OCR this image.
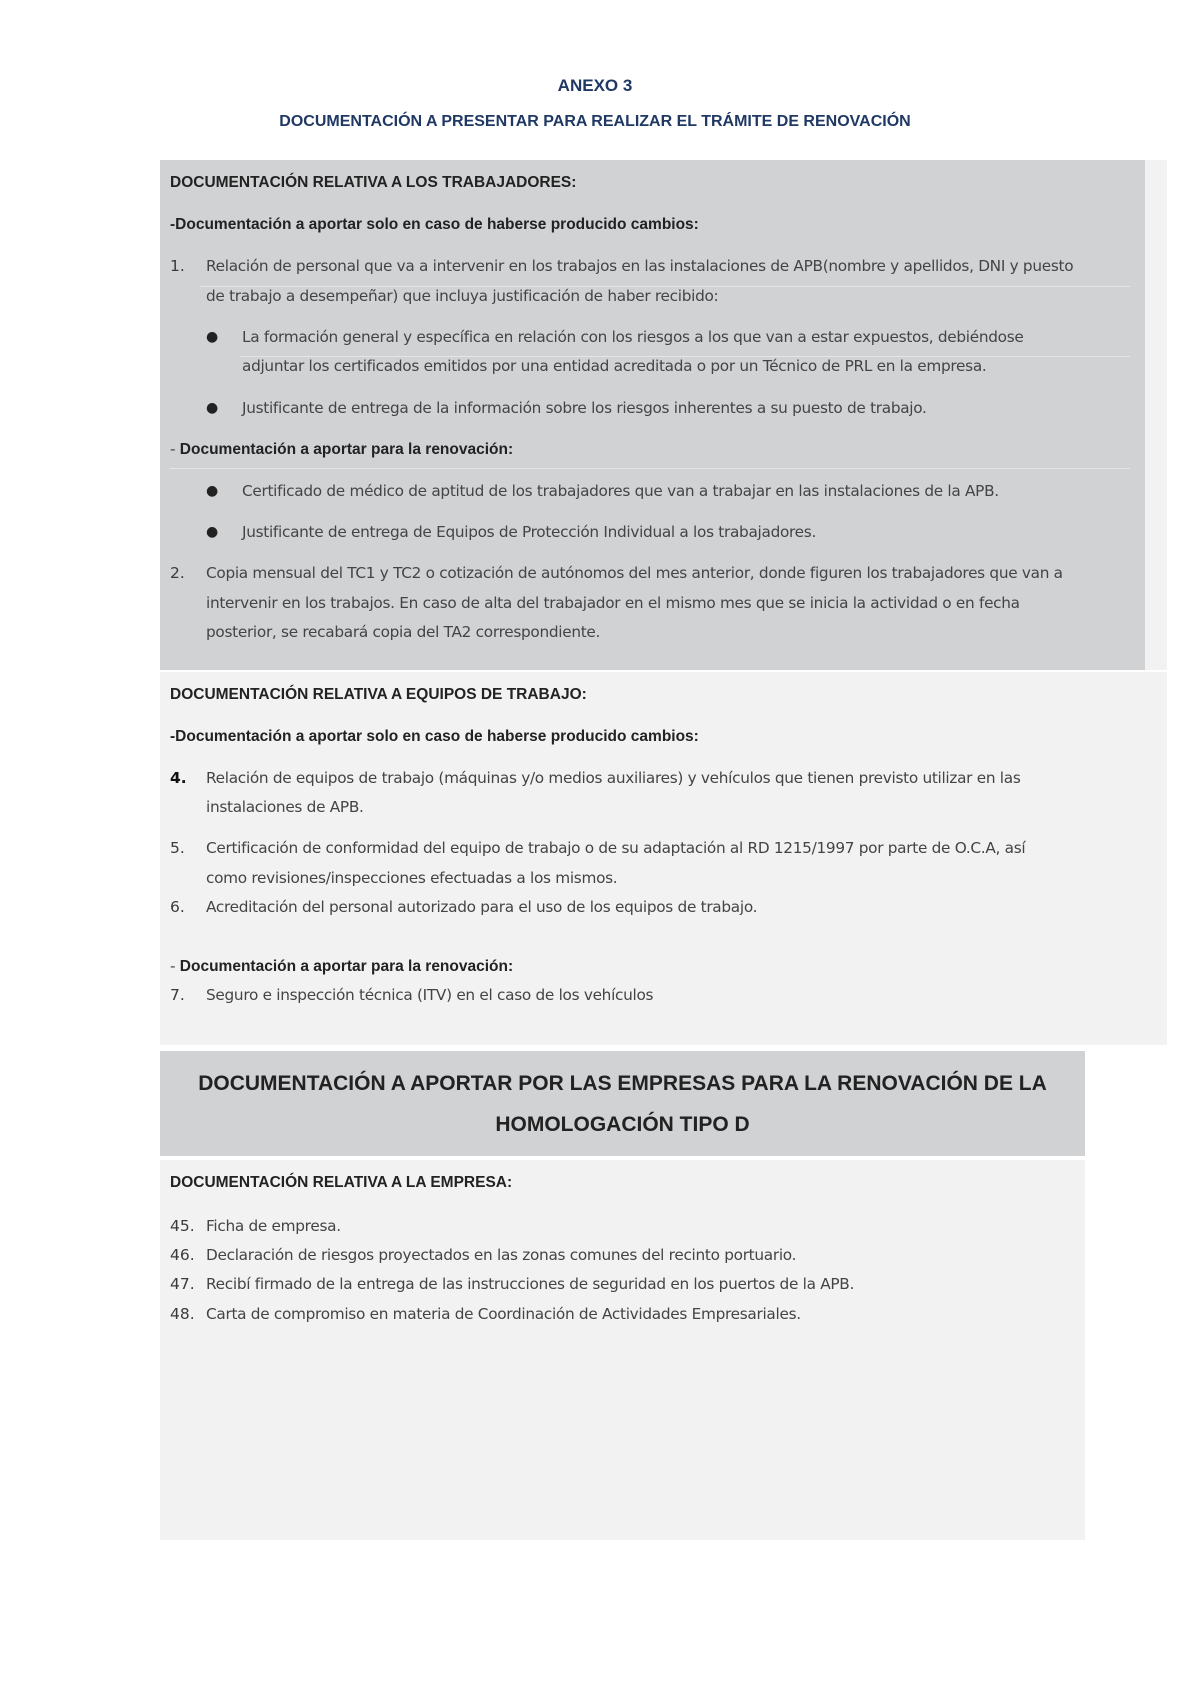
ANEXO 3
DOCUMENTACIÓN A PRESENTAR PARA REALIZAR EL TRÁMITE DE RENOVACIÓN
DOCUMENTACIÓN RELATIVA A LOS TRABAJADORES:
-Documentación a aportar solo en caso de haberse producido cambios:
1. Relación de personal que va a intervenir en los trabajos en las instalaciones de APB(nombre y apellidos, DNI y puesto
de trabajo a desempeñar) que incluya justificación de haber recibido:
● La formación general y específica en relación con los riesgos a los que van a estar expuestos, debiéndose
adjuntar los certificados emitidos por una entidad acreditada o por un Técnico de PRL en la empresa.
● Justificante de entrega de la información sobre los riesgos inherentes a su puesto de trabajo.
- Documentación a aportar para la renovación:
● Certificado de médico de aptitud de los trabajadores que van a trabajar en las instalaciones de la APB.
● Justificante de entrega de Equipos de Protección Individual a los trabajadores.
2. Copia mensual del TC1 y TC2 o cotización de autónomos del mes anterior, donde figuren los trabajadores que van a
intervenir en los trabajos. En caso de alta del trabajador en el mismo mes que se inicia la actividad o en fecha
posterior, se recabará copia del TA2 correspondiente.
DOCUMENTACIÓN RELATIVA A EQUIPOS DE TRABAJO:
-Documentación a aportar solo en caso de haberse producido cambios:
4. Relación de equipos de trabajo (máquinas y/o medios auxiliares) y vehículos que tienen previsto utilizar en las
instalaciones de APB.
5. Certificación de conformidad del equipo de trabajo o de su adaptación al RD 1215/1997 por parte de O.C.A, así
como revisiones/inspecciones efectuadas a los mismos.
6. Acreditación del personal autorizado para el uso de los equipos de trabajo.
- Documentación a aportar para la renovación:
7. Seguro e inspección técnica (ITV) en el caso de los vehículos
DOCUMENTACIÓN A APORTAR POR LAS EMPRESAS PARA LA RENOVACIÓN DE LA
HOMOLOGACIÓN TIPO D
DOCUMENTACIÓN RELATIVA A LA EMPRESA:
45. Ficha de empresa.
46. Declaración de riesgos proyectados en las zonas comunes del recinto portuario.
47. Recibí firmado de la entrega de las instrucciones de seguridad en los puertos de la APB.
48. Carta de compromiso en materia de Coordinación de Actividades Empresariales.
